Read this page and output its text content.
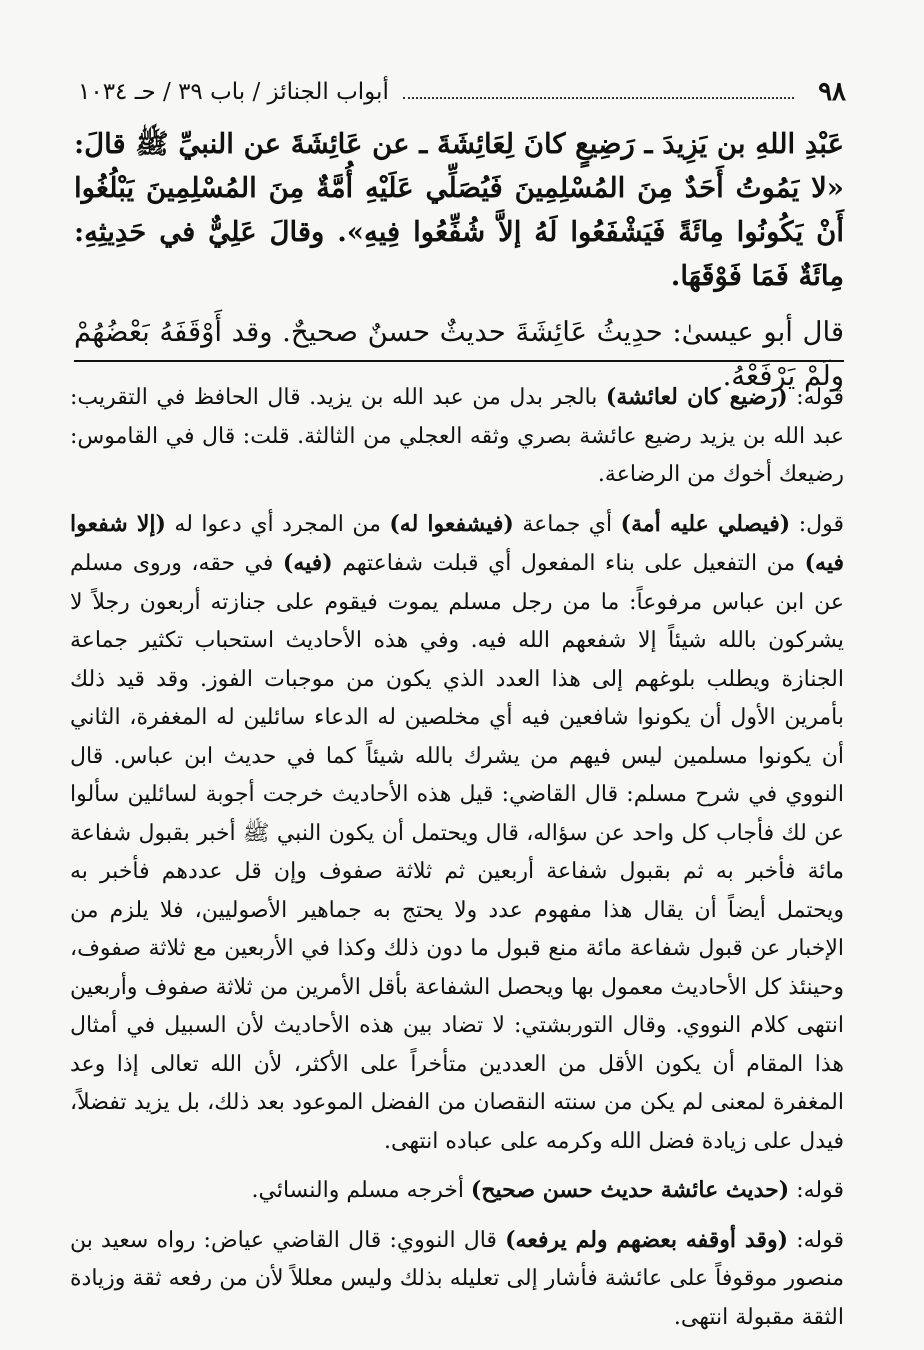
٩٨
أبواب الجنائز / باب ٣٩ / حـ ١٠٣٤

عَبْدِ اللهِ بن يَزِيدَ ـ رَضِيعٍ كانَ لِعَائِشَةَ ـ عن عَائِشَةَ عن النبيِّ ﷺ قالَ: «لا يَمُوتُ أَحَدٌ مِنَ المُسْلِمِينَ فَيُصَلِّي عَلَيْهِ أُمَّةٌ مِنَ المُسْلِمِينَ يَبْلُغُوا أَنْ يَكُونُوا مِائَةً فَيَشْفَعُوا لَهُ إلاَّ شُفِّعُوا فِيهِ». وقالَ عَلِيٌّ في حَدِيثِهِ: مِائَةٌ فَمَا فَوْقَهَا.

قال أبو عيسىٰ: حدِيثُ عَائِشَةَ حديثٌ حسنٌ صحيحٌ. وقد أَوْقَفَهُ بَعْضُهُمْ ولَمْ يَرْفَعْهُ.

قوله: (رضيع كان لعائشة) بالجر بدل من عبد الله بن يزيد. قال الحافظ في التقريب: عبد الله بن يزيد رضيع عائشة بصري وثقه العجلي من الثالثة. قلت: قال في القاموس: رضيعك أخوك من الرضاعة.

قول: (فيصلي عليه أمة) أي جماعة (فيشفعوا له) من المجرد أي دعوا له (إلا شفعوا فيه) من التفعيل على بناء المفعول أي قبلت شفاعتهم (فيه) في حقه، وروى مسلم عن ابن عباس مرفوعاً: ما من رجل مسلم يموت فيقوم على جنازته أربعون رجلاً لا يشركون بالله شيئاً إلا شفعهم الله فيه. وفي هذه الأحاديث استحباب تكثير جماعة الجنازة ويطلب بلوغهم إلى هذا العدد الذي يكون من موجبات الفوز. وقد قيد ذلك بأمرين الأول أن يكونوا شافعين فيه أي مخلصين له الدعاء سائلين له المغفرة، الثاني أن يكونوا مسلمين ليس فيهم من يشرك بالله شيئاً كما في حديث ابن عباس. قال النووي في شرح مسلم: قال القاضي: قيل هذه الأحاديث خرجت أجوبة لسائلين سألوا عن لك فأجاب كل واحد عن سؤاله، قال ويحتمل أن يكون النبي ﷺ أخبر بقبول شفاعة مائة فأخبر به ثم بقبول شفاعة أربعين ثم ثلاثة صفوف وإن قل عددهم فأخبر به ويحتمل أيضاً أن يقال هذا مفهوم عدد ولا يحتج به جماهير الأصوليين، فلا يلزم من الإخبار عن قبول شفاعة مائة منع قبول ما دون ذلك وكذا في الأربعين مع ثلاثة صفوف، وحينئذ كل الأحاديث معمول بها ويحصل الشفاعة بأقل الأمرين من ثلاثة صفوف وأربعين انتهى كلام النووي. وقال التوربشتي: لا تضاد بين هذه الأحاديث لأن السبيل في أمثال هذا المقام أن يكون الأقل من العددين متأخراً على الأكثر، لأن الله تعالى إذا وعد المغفرة لمعنى لم يكن من سنته النقصان من الفضل الموعود بعد ذلك، بل يزيد تفضلاً، فيدل على زيادة فضل الله وكرمه على عباده انتهى.

قوله: (حديث عائشة حديث حسن صحيح) أخرجه مسلم والنسائي.

قوله: (وقد أوقفه بعضهم ولم يرفعه) قال النووي: قال القاضي عياض: رواه سعيد بن منصور موقوفاً على عائشة فأشار إلى تعليله بذلك وليس معللاً لأن من رفعه ثقة وزيادة الثقة مقبولة انتهى.
